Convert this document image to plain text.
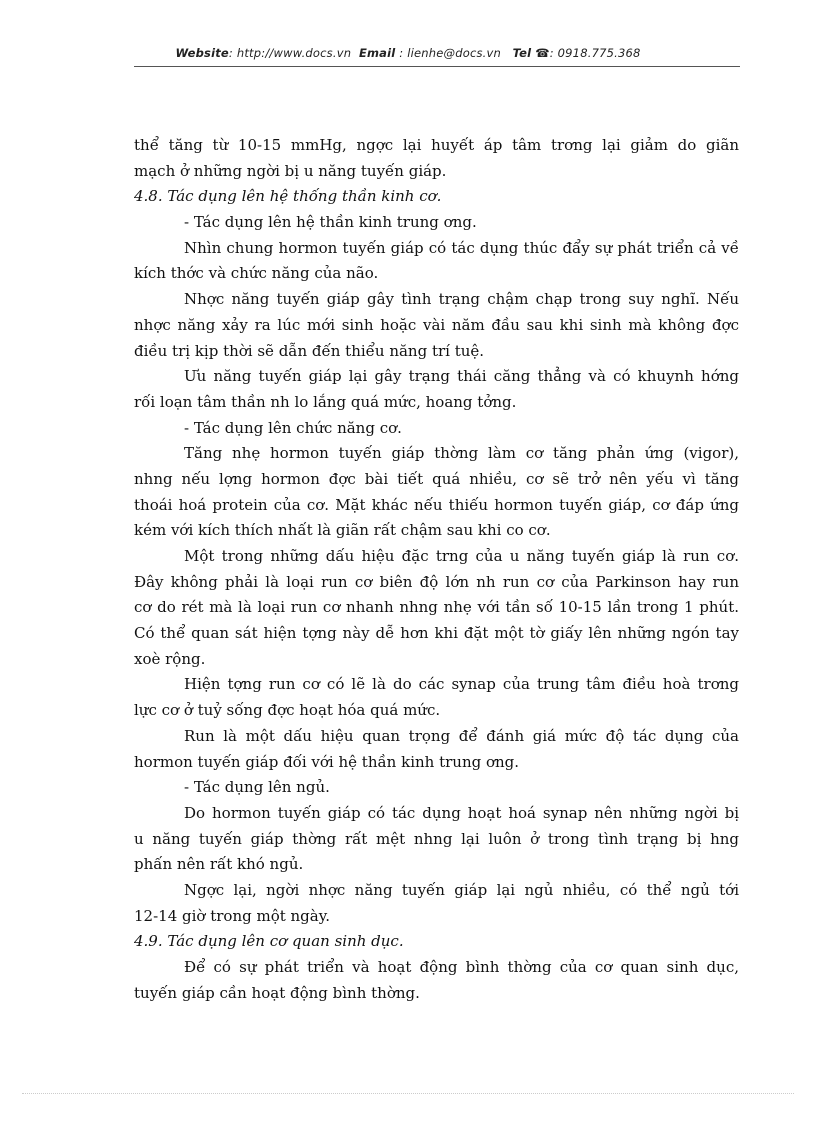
Website: http://www.docs.vn Email : lienhe@docs.vn Tel ☎: 0918.775.368
thể tăng từ 10-15 mmHg, ngợc lại huyết áp tâm trơng lại giảm do giãn
mạch ở những ngời bị u năng tuyến giáp.
4.8. Tác dụng lên hệ thống thần kinh cơ.
- Tác dụng lên hệ thần kinh trung ơng.
Nhìn chung hormon tuyến giáp có tác dụng thúc đẩy sự phát triển cả về
kích thớc và chức năng của não.
Nhợc năng tuyến giáp gây tình trạng chậm chạp trong suy nghĩ. Nếu
nhợc năng xảy ra lúc mới sinh hoặc vài năm đầu sau khi sinh mà không đợc
điều trị kịp thời sẽ dẫn đến thiểu năng trí tuệ.
Ưu năng tuyến giáp lại gây trạng thái căng thẳng và có khuynh hớng
rối loạn tâm thần nh lo lắng quá mức, hoang tởng.
- Tác dụng lên chức năng cơ.
Tăng nhẹ hormon tuyến giáp thờng làm cơ tăng phản ứng (vigor),
nhng nếu lợng hormon đợc bài tiết quá nhiều, cơ sẽ trở nên yếu vì tăng
thoái hoá protein của cơ. Mặt khác nếu thiếu hormon tuyến giáp, cơ đáp ứng
kém với kích thích nhất là giãn rất chậm sau khi co cơ.
Một trong những dấu hiệu đặc trng của u năng tuyến giáp là run cơ.
Đây không phải là loại run cơ biên độ lớn nh run cơ của Parkinson hay run
cơ do rét mà là loại run cơ nhanh nhng nhẹ với tần số 10-15 lần trong 1 phút.
Có thể quan sát hiện tợng này dễ hơn khi đặt một tờ giấy lên những ngón tay
xoè rộng.
Hiện tợng run cơ có lẽ là do các synap của trung tâm điều hoà trơng
lực cơ ở tuỷ sống đợc hoạt hóa quá mức.
Run là một dấu hiệu quan trọng để đánh giá mức độ tác dụng của
hormon tuyến giáp đối với hệ thần kinh trung ơng.
- Tác dụng lên ngủ.
Do hormon tuyến giáp có tác dụng hoạt hoá synap nên những ngời bị
u năng tuyến giáp thờng rất mệt nhng lại luôn ở trong tình trạng bị hng
phấn nên rất khó ngủ.
Ngợc lại, ngời nhợc năng tuyến giáp lại ngủ nhiều, có thể ngủ tới
12-14 giờ trong một ngày.
4.9. Tác dụng lên cơ quan sinh dục.
Để có sự phát triển và hoạt động bình thờng của cơ quan sinh dục,
tuyến giáp cần hoạt động bình thờng.
